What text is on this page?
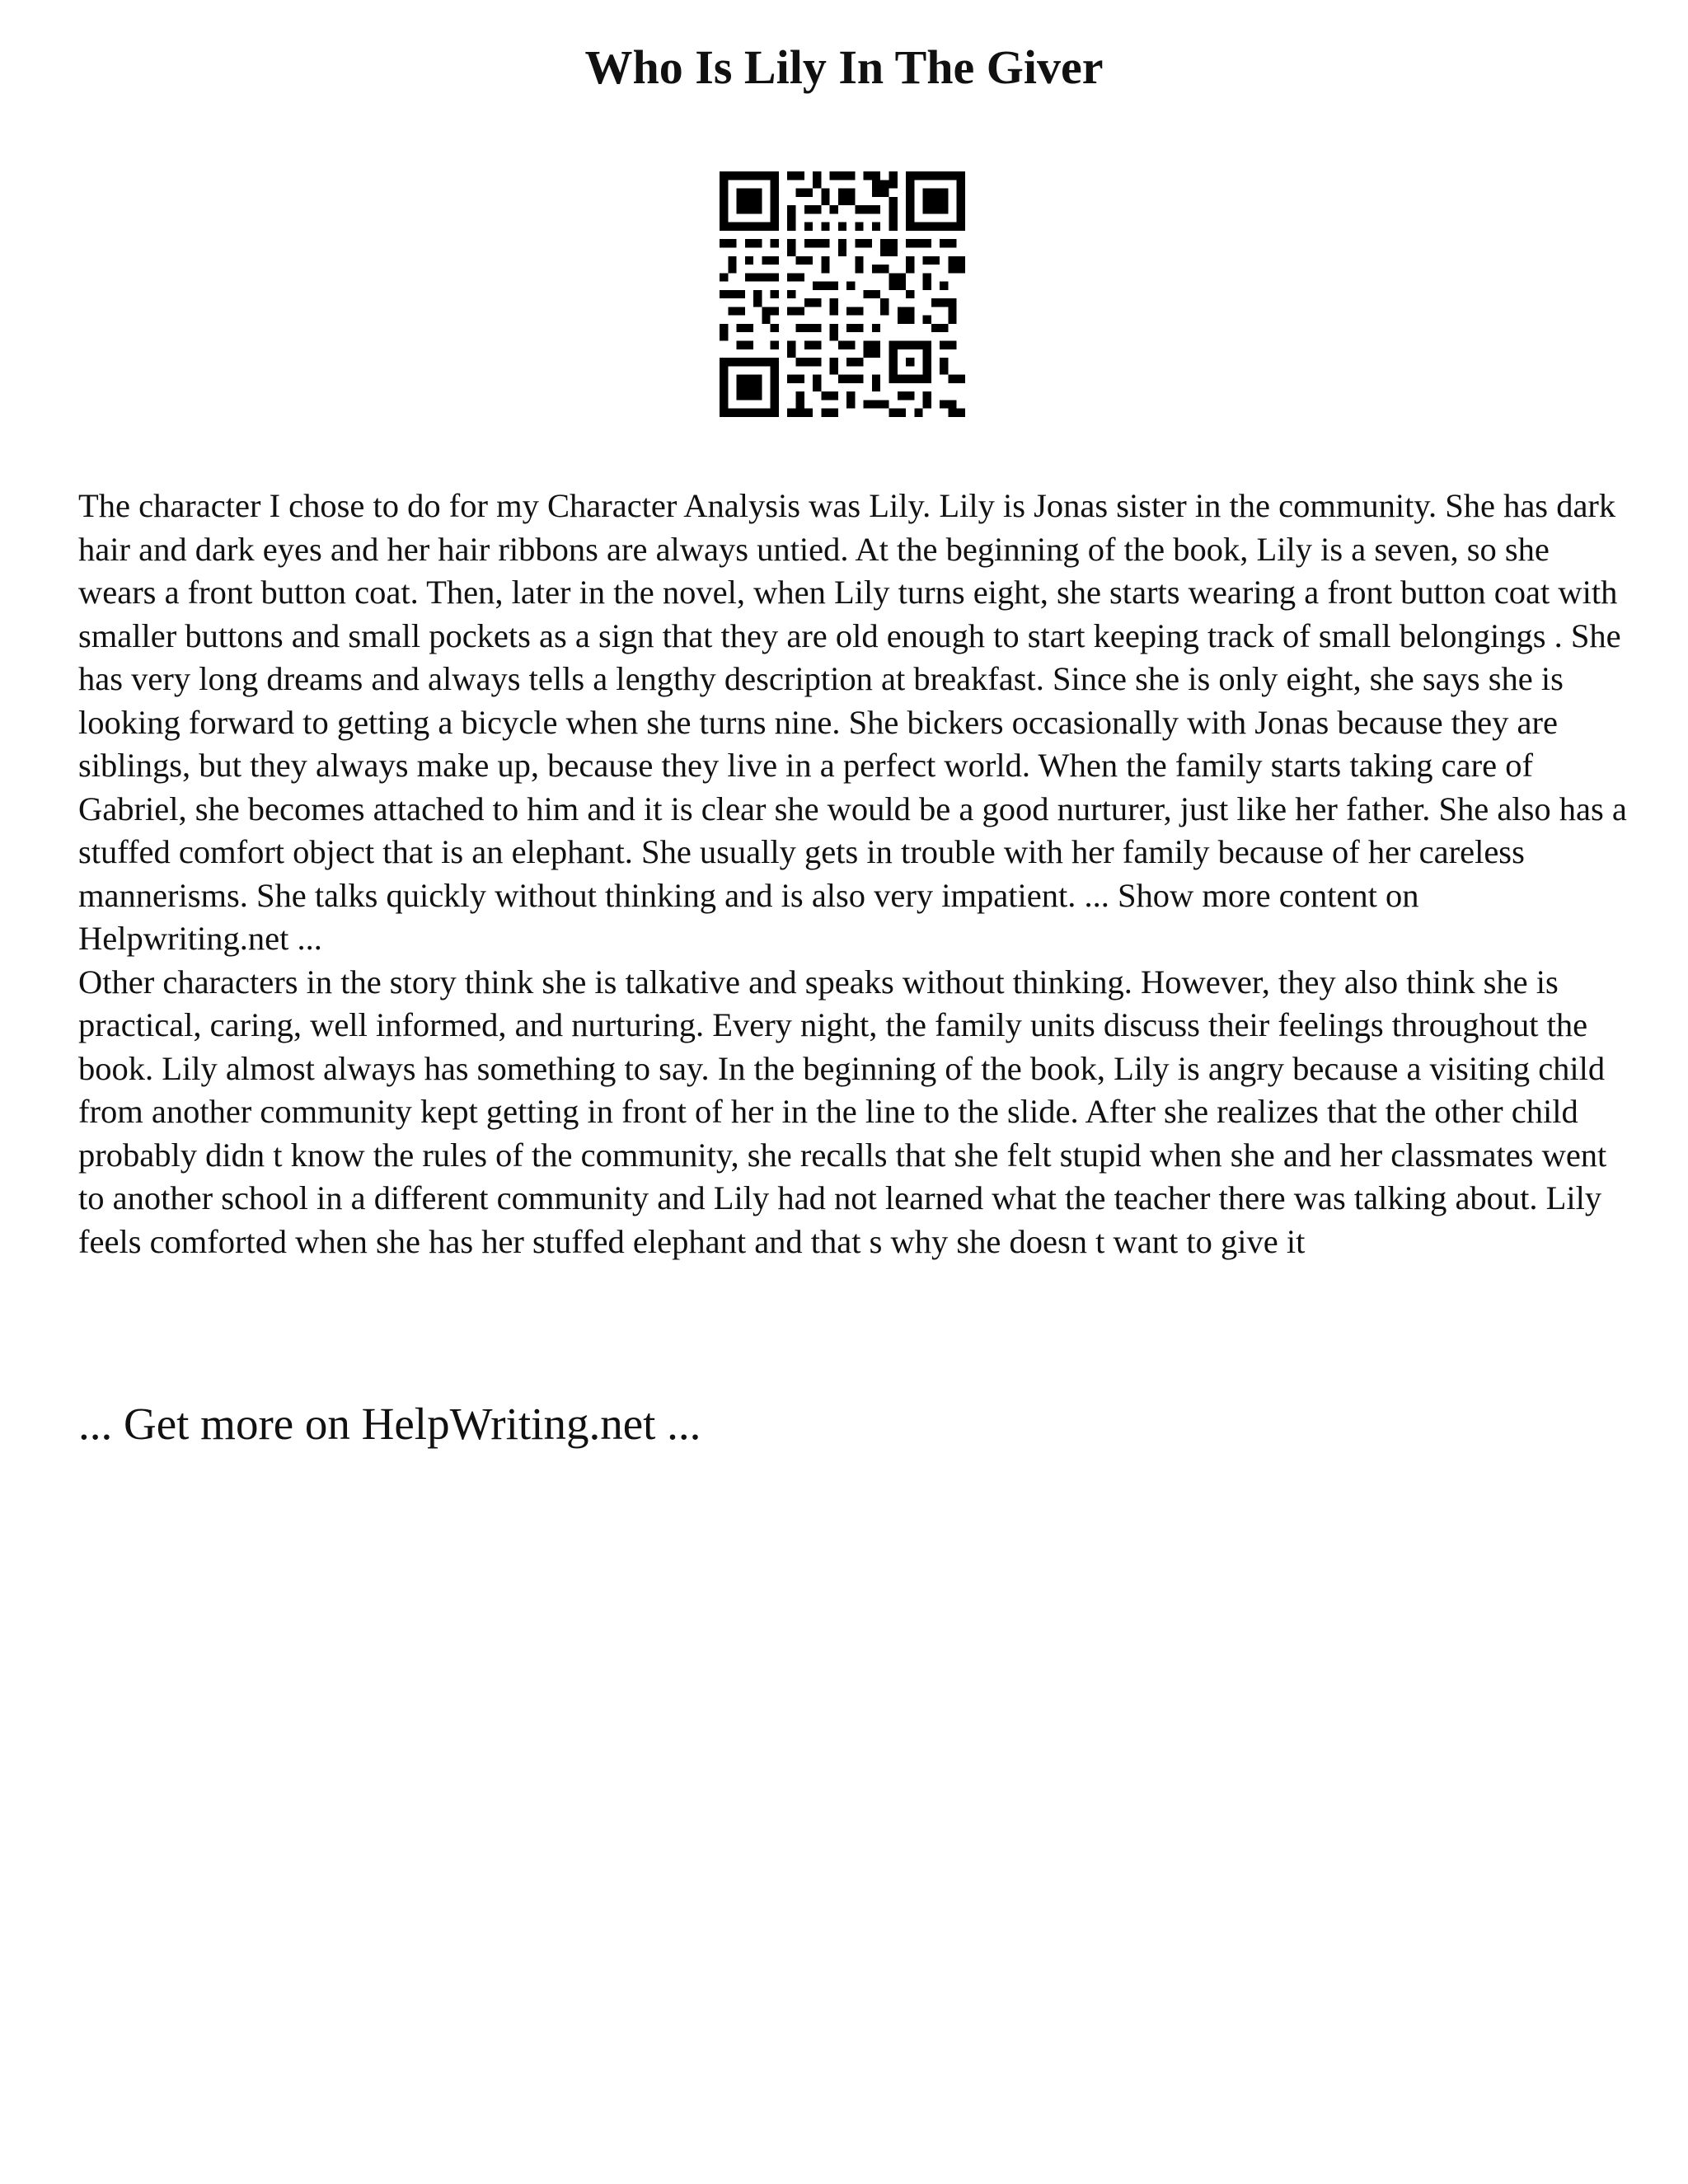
Who Is Lily In The Giver

The character I chose to do for my Character Analysis was Lily. Lily is Jonas sister in the community. She has dark hair and dark eyes and her hair ribbons are always untied. At the beginning of the book, Lily is a seven, so she wears a front button coat. Then, later in the novel, when Lily turns eight, she starts wearing a front button coat with smaller buttons and small pockets as a sign that they are old enough to start keeping track of small belongings . She has very long dreams and always tells a lengthy description at breakfast. Since she is only eight, she says she is looking forward to getting a bicycle when she turns nine. She bickers occasionally with Jonas because they are siblings, but they always make up, because they live in a perfect world. When the family starts taking care of Gabriel, she becomes attached to him and it is clear she would be a good nurturer, just like her father. She also has a stuffed comfort object that is an elephant. She usually gets in trouble with her family because of her careless mannerisms. She talks quickly without thinking and is also very impatient. ... Show more content on Helpwriting.net ...

Other characters in the story think she is talkative and speaks without thinking. However, they also think she is practical, caring, well informed, and nurturing. Every night, the family units discuss their feelings throughout the book. Lily almost always has something to say. In the beginning of the book, Lily is angry because a visiting child from another community kept getting in front of her in the line to the slide. After she realizes that the other child probably didn t know the rules of the community, she recalls that she felt stupid when she and her classmates went to another school in a different community and Lily had not learned what the teacher there was talking about. Lily feels comforted when she has her stuffed elephant and that s why she doesn t want to give it

... Get more on HelpWriting.net ...
